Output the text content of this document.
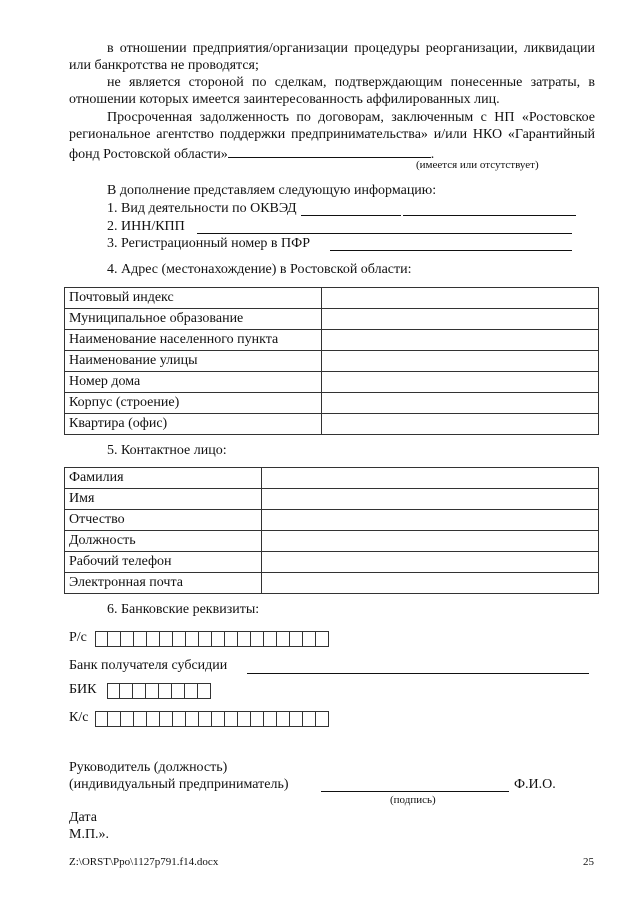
в отношении предприятия/организации процедуры реорганизации, ликвидации или банкротства не проводятся;
не является стороной по сделкам, подтверждающим понесенные затраты, в отношении которых имеется заинтересованность аффилированных лиц.
Просроченная задолженность по договорам, заключенным с НП «Ростовское региональное агентство поддержки предпринимательства» и/или НКО «Гарантийный фонд Ростовской области»	.
(имеется или отсутствует)
В дополнение представляем следующую информацию:
1. Вид деятельности по ОКВЭД
2. ИНН/КПП
3. Регистрационный номер в ПФР
4. Адрес (местонахождение) в Ростовской области:
Почтовый индекс	
Муниципальное образование	
Наименование населенного пункта	
Наименование улицы	
Номер дома	
Корпус (строение)	
Квартира (офис)	
5. Контактное лицо:
Фамилия	
Имя	
Отчество	
Должность	
Рабочий телефон	
Электронная почта	
6. Банковские реквизиты:
Р/с
Банк получателя субсидии
БИК
К/с
Руководитель (должность)
(индивидуальный предприниматель)	Ф.И.О.
(подпись)
Дата
М.П.».
Z:\ORST\Ppo\1127p791.f14.docx	25
